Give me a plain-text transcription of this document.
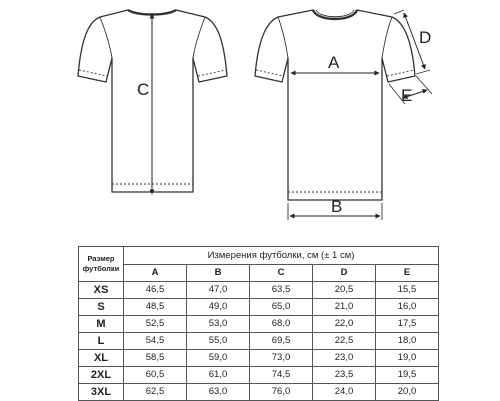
C
A
B
D
E
Размер
футболки	Измерения футболки, см (± 1 см)				
	A	B	C	D	E
XS	46,5	47,0	63,5	20,5	15,5
S	48,5	49,0	65,0	21,0	16,0
M	52,5	53,0	68,0	22,0	17,5
L	54,5	55,0	69,5	22,5	18,0
XL	58,5	59,0	73,0	23,0	19,0
2XL	60,5	61,0	74,5	23,5	19,5
3XL	62,5	63,0	76,0	24,0	20,0
